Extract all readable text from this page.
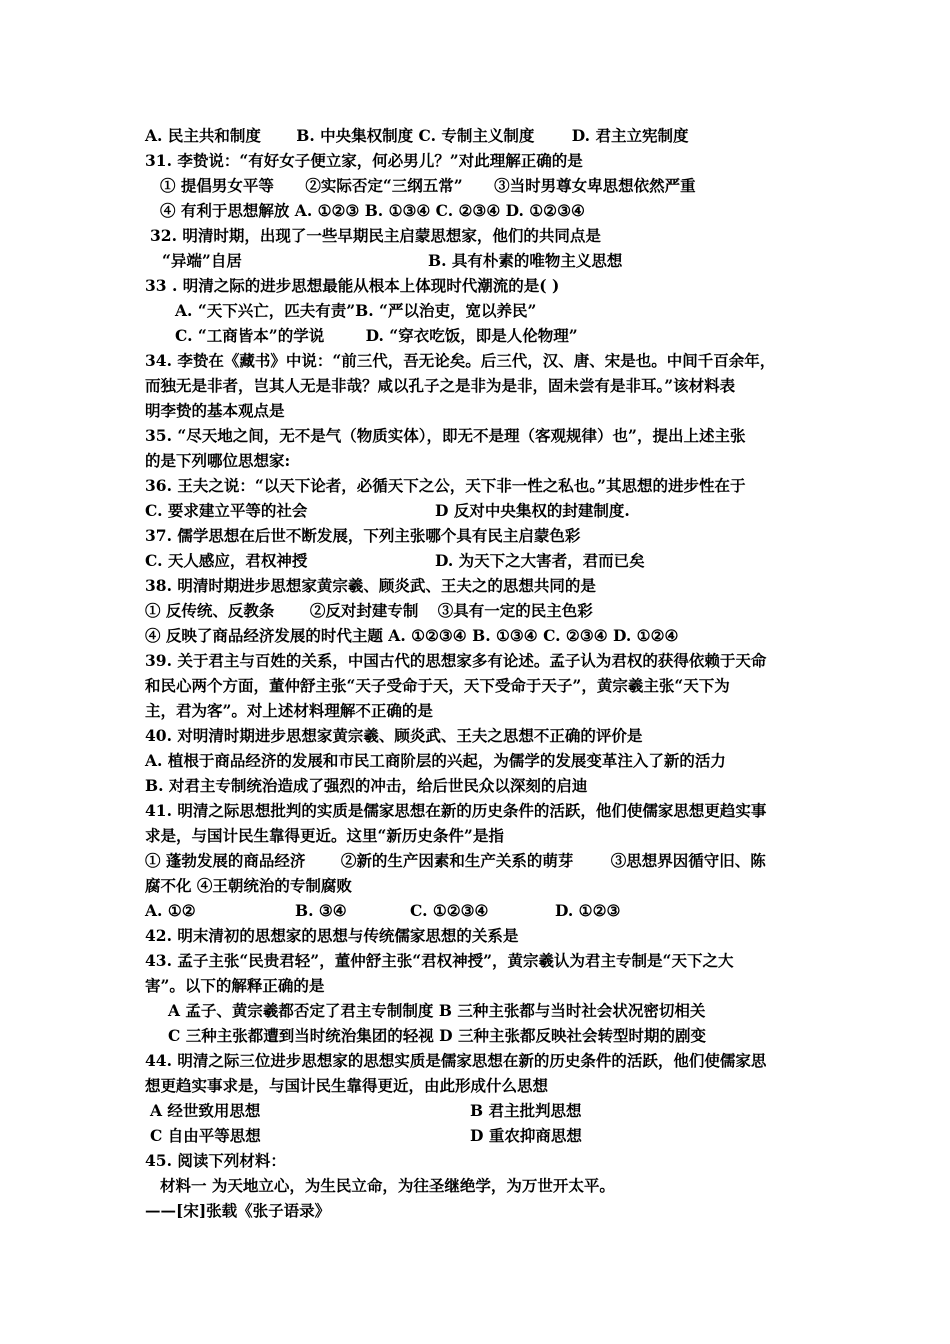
A. 民主共和制度 B. 中央集权制度 C. 专制主义制度 D. 君主立宪制度
31. 李贽说：“有好女子便立家，何必男儿？”对此理解正确的是
① 提倡男女平等 ②实际否定“三纲五常” ③当时男尊女卑思想依然严重
④ 有利于思想解放 A. ①②③ B. ①③④ C. ②③④ D. ①②③④
32. 明清时期，出现了一些早期民主启蒙思想家，他们的共同点是
“异端”自居	B. 具有朴素的唯物主义思想
33 . 明清之际的进步思想最能从根本上体现时代潮流的是( )
A. “天下兴亡，匹夫有责”B. “严以治吏，宽以养民”
C. “工商皆本”的学说	D. “穿衣吃饭，即是人伦物理”
34. 李贽在《藏书》中说：“前三代，吾无论矣。后三代，汉、唐、宋是也。中间千百余年，
而独无是非者，岂其人无是非哉？咸以孔子之是非为是非，固未尝有是非耳。”该材料表
明李贽的基本观点是
35. “尽天地之间，无不是气（物质实体），即无不是理（客观规律）也”，提出上述主张
的是下列哪位思想家:
36. 王夫之说：“以天下论者，必循天下之公，天下非一性之私也。”其思想的进步性在于
C. 要求建立平等的社会	D 反对中央集权的封建制度.
37. 儒学思想在后世不断发展，下列主张哪个具有民主启蒙色彩
C. 天人感应，君权神授	D. 为天下之大害者，君而已矣
38. 明清时期进步思想家黄宗羲、顾炎武、王夫之的思想共同的是
① 反传统、反教条 ②反对封建专制 ③具有一定的民主色彩
④ 反映了商品经济发展的时代主题 A. ①②③④ B. ①③④ C. ②③④ D. ①②④
39. 关于君主与百姓的关系，中国古代的思想家多有论述。孟子认为君权的获得依赖于天命
和民心两个方面，董仲舒主张“天子受命于天，天下受命于天子”，黄宗羲主张“天下为
主，君为客”。对上述材料理解不正确的是
40. 对明清时期进步思想家黄宗羲、顾炎武、王夫之思想不正确的评价是
A. 植根于商品经济的发展和市民工商阶层的兴起，为儒学的发展变革注入了新的活力
B. 对君主专制统治造成了强烈的冲击，给后世民众以深刻的启迪
41. 明清之际思想批判的实质是儒家思想在新的历史条件的活跃，他们使儒家思想更趋实事
求是，与国计民生靠得更近。这里“新历史条件”是指
① 蓬勃发展的商品经济 ②新的生产因素和生产关系的萌芽 ③思想界因循守旧、陈
腐不化 ④王朝统治的专制腐败
A. ①②	B. ③④	C. ①②③④	D. ①②③
42. 明末清初的思想家的思想与传统儒家思想的关系是
43. 孟子主张“民贵君轻”，董仲舒主张“君权神授”，黄宗羲认为君主专制是“天下之大
害”。以下的解释正确的是
A 孟子、黄宗羲都否定了君主专制制度 B 三种主张都与当时社会状况密切相关
C 三种主张都遭到当时统治集团的轻视 D 三种主张都反映社会转型时期的剧变
44. 明清之际三位进步思想家的思想实质是儒家思想在新的历史条件的活跃，他们使儒家思
想更趋实事求是，与国计民生靠得更近，由此形成什么思想
A 经世致用思想	B 君主批判思想
C 自由平等思想	D 重农抑商思想
45. 阅读下列材料：
材料一 为天地立心，为生民立命，为往圣继绝学，为万世开太平。
——[宋]张载《张子语录》
